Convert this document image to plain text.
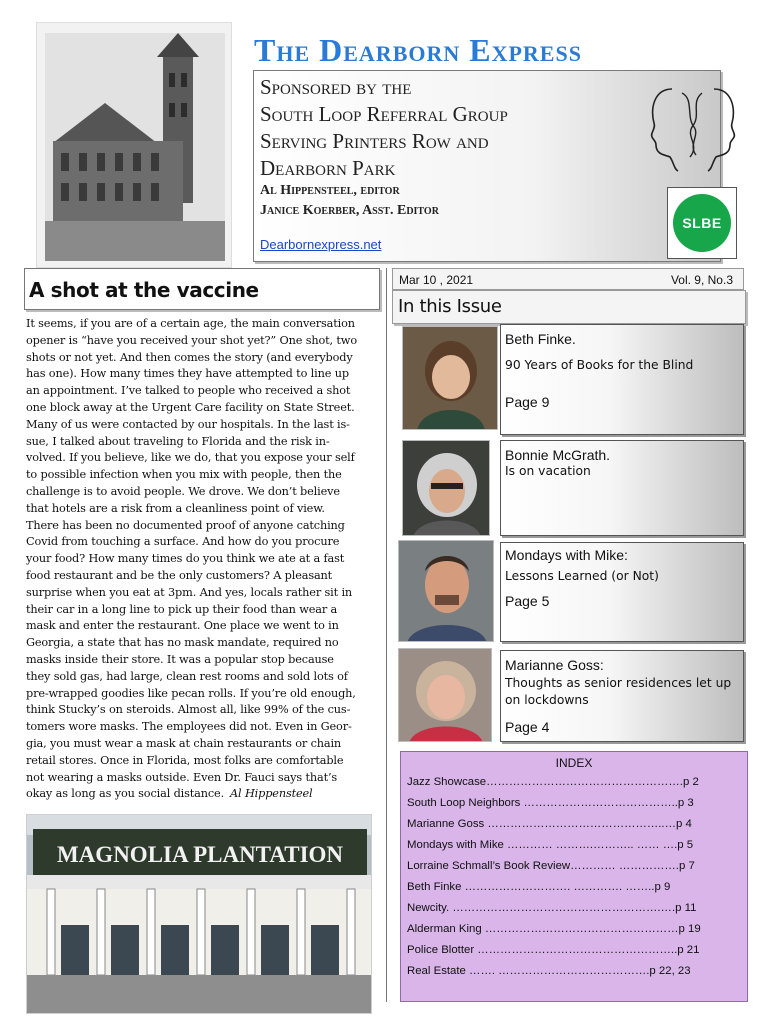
The Dearborn Express
Sponsored by the
South Loop Referral Group
Serving Printers Row and
Dearborn Park
Al Hippensteel, editor
Janice Koerber, Asst. Editor
Dearbornexpress.net
SLBE
A shot at the vaccine
It seems, if you are of a certain age, the main conversation
opener is “have you received your shot yet?” One shot, two
shots or not yet. And then comes the story (and everybody
has one). How many times they have attempted to line up
an appointment. I’ve talked to people who received a shot
one block away at the Urgent Care facility on State Street.
Many of us were contacted by our hospitals. In the last is-
sue, I talked about traveling to Florida and the risk in-
volved. If you believe, like we do, that you expose your self
to possible infection when you mix with people, then the
challenge is to avoid people. We drove. We don’t believe
that hotels are a risk from a cleanliness point of view.
There has been no documented proof of anyone catching
Covid from touching a surface. And how do you procure
your food? How many times do you think we ate at a fast
food restaurant and be the only customers? A pleasant
surprise when you eat at 3pm. And yes, locals rather sit in
their car in a long line to pick up their food than wear a
mask and enter the restaurant. One place we went to in
Georgia, a state that has no mask mandate, required no
masks inside their store. It was a popular stop because
they sold gas, had large, clean rest rooms and sold lots of
pre-wrapped goodies like pecan rolls. If you’re old enough,
think Stucky’s on steroids. Almost all, like 99% of the cus-
tomers wore masks. The employees did not. Even in Geor-
gia, you must wear a mask at chain restaurants or chain
retail stores. Once in Florida, most folks are comfortable
not wearing a masks outside. Even Dr. Fauci says that’s
okay as long as you social distance. Al Hippensteel
MAGNOLIA PLANTATION
Mar 10 , 2021	Vol. 9, No.3
In this Issue
Beth Finke.
90 Years of Books for the Blind
Page 9
Bonnie McGrath.
Is on vacation
Mondays with Mike:
Lessons Learned (or Not)
Page 5
Marianne Goss:
Thoughts as senior residences let up on lockdowns
Page 4
INDEX
Jazz Showcase…………………………………………….p 2
South Loop Neighbors …………………………………..p 3
Marianne Goss ………………………………………..…p 4
Mondays with Mike ………… ……….……….. …… ….p 5
Lorraine Schmall’s Book Review………… …………….p 7
Beth Finke ………………………. …………. ……..p 9
Newcity. ……………………………………………….….p 11
Alderman King ……………………………………………p 19
Police Blotter ……………………………………………..p 21
Real Estate ……. ………………………………….p 22, 23
